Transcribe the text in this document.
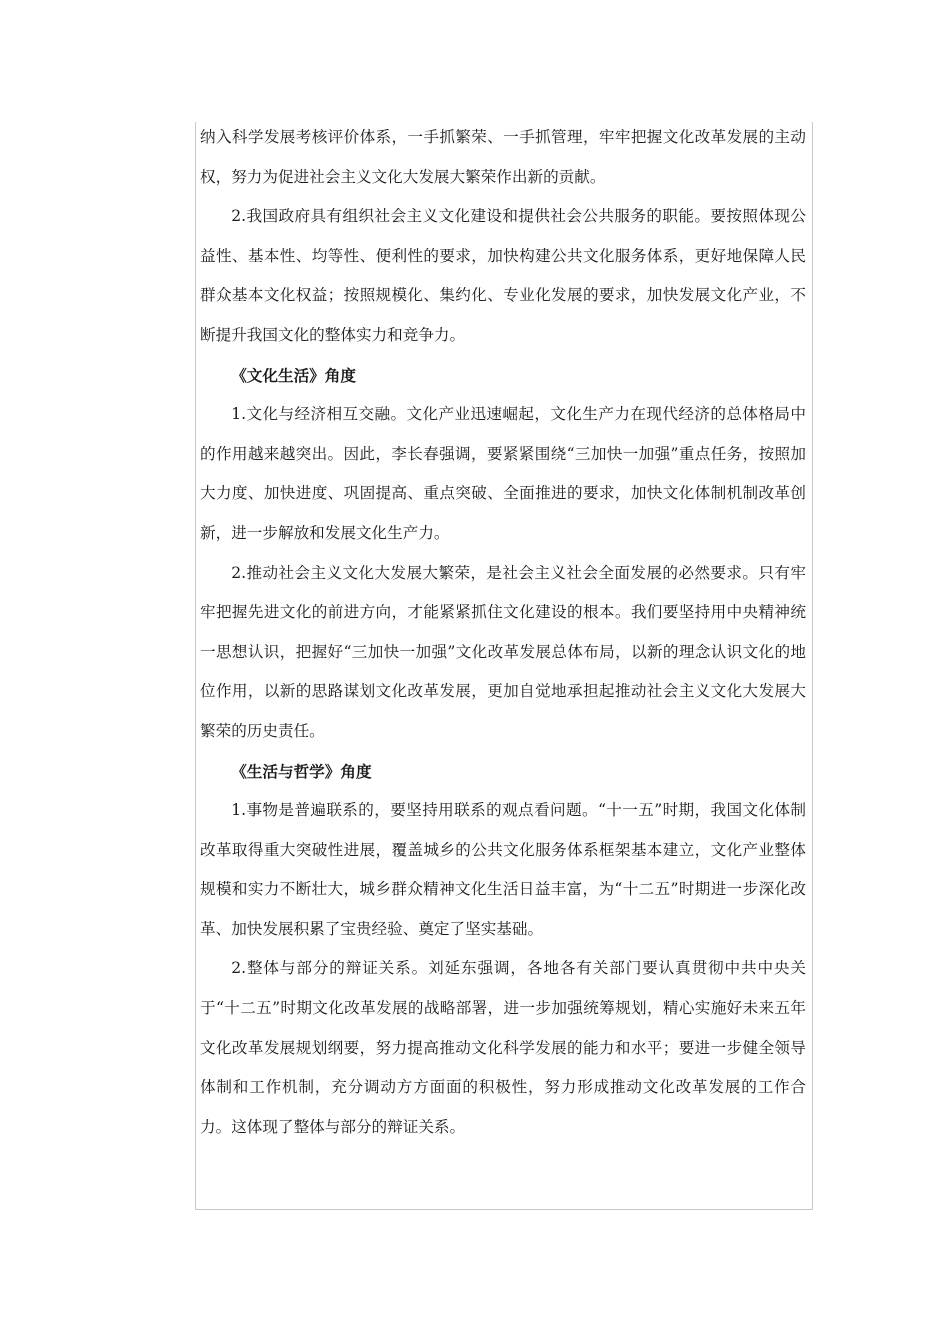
纳入科学发展考核评价体系，一手抓繁荣、一手抓管理，牢牢把握文化改革发展的主动权，努力为促进社会主义文化大发展大繁荣作出新的贡献。

2.我国政府具有组织社会主义文化建设和提供社会公共服务的职能。要按照体现公益性、基本性、均等性、便利性的要求，加快构建公共文化服务体系，更好地保障人民群众基本文化权益；按照规模化、集约化、专业化发展的要求，加快发展文化产业，不断提升我国文化的整体实力和竞争力。

《文化生活》角度

1.文化与经济相互交融。文化产业迅速崛起，文化生产力在现代经济的总体格局中的作用越来越突出。因此，李长春强调，要紧紧围绕“三加快一加强”重点任务，按照加大力度、加快进度、巩固提高、重点突破、全面推进的要求，加快文化体制机制改革创新，进一步解放和发展文化生产力。

2.推动社会主义文化大发展大繁荣，是社会主义社会全面发展的必然要求。只有牢牢把握先进文化的前进方向，才能紧紧抓住文化建设的根本。我们要坚持用中央精神统一思想认识，把握好“三加快一加强”文化改革发展总体布局，以新的理念认识文化的地位作用，以新的思路谋划文化改革发展，更加自觉地承担起推动社会主义文化大发展大繁荣的历史责任。

《生活与哲学》角度

1.事物是普遍联系的，要坚持用联系的观点看问题。“十一五”时期，我国文化体制改革取得重大突破性进展，覆盖城乡的公共文化服务体系框架基本建立，文化产业整体规模和实力不断壮大，城乡群众精神文化生活日益丰富，为“十二五”时期进一步深化改革、加快发展积累了宝贵经验、奠定了坚实基础。

2.整体与部分的辩证关系。刘延东强调，各地各有关部门要认真贯彻中共中央关于“十二五”时期文化改革发展的战略部署，进一步加强统筹规划，精心实施好未来五年文化改革发展规划纲要，努力提高推动文化科学发展的能力和水平；要进一步健全领导体制和工作机制，充分调动方方面面的积极性，努力形成推动文化改革发展的工作合力。这体现了整体与部分的辩证关系。
